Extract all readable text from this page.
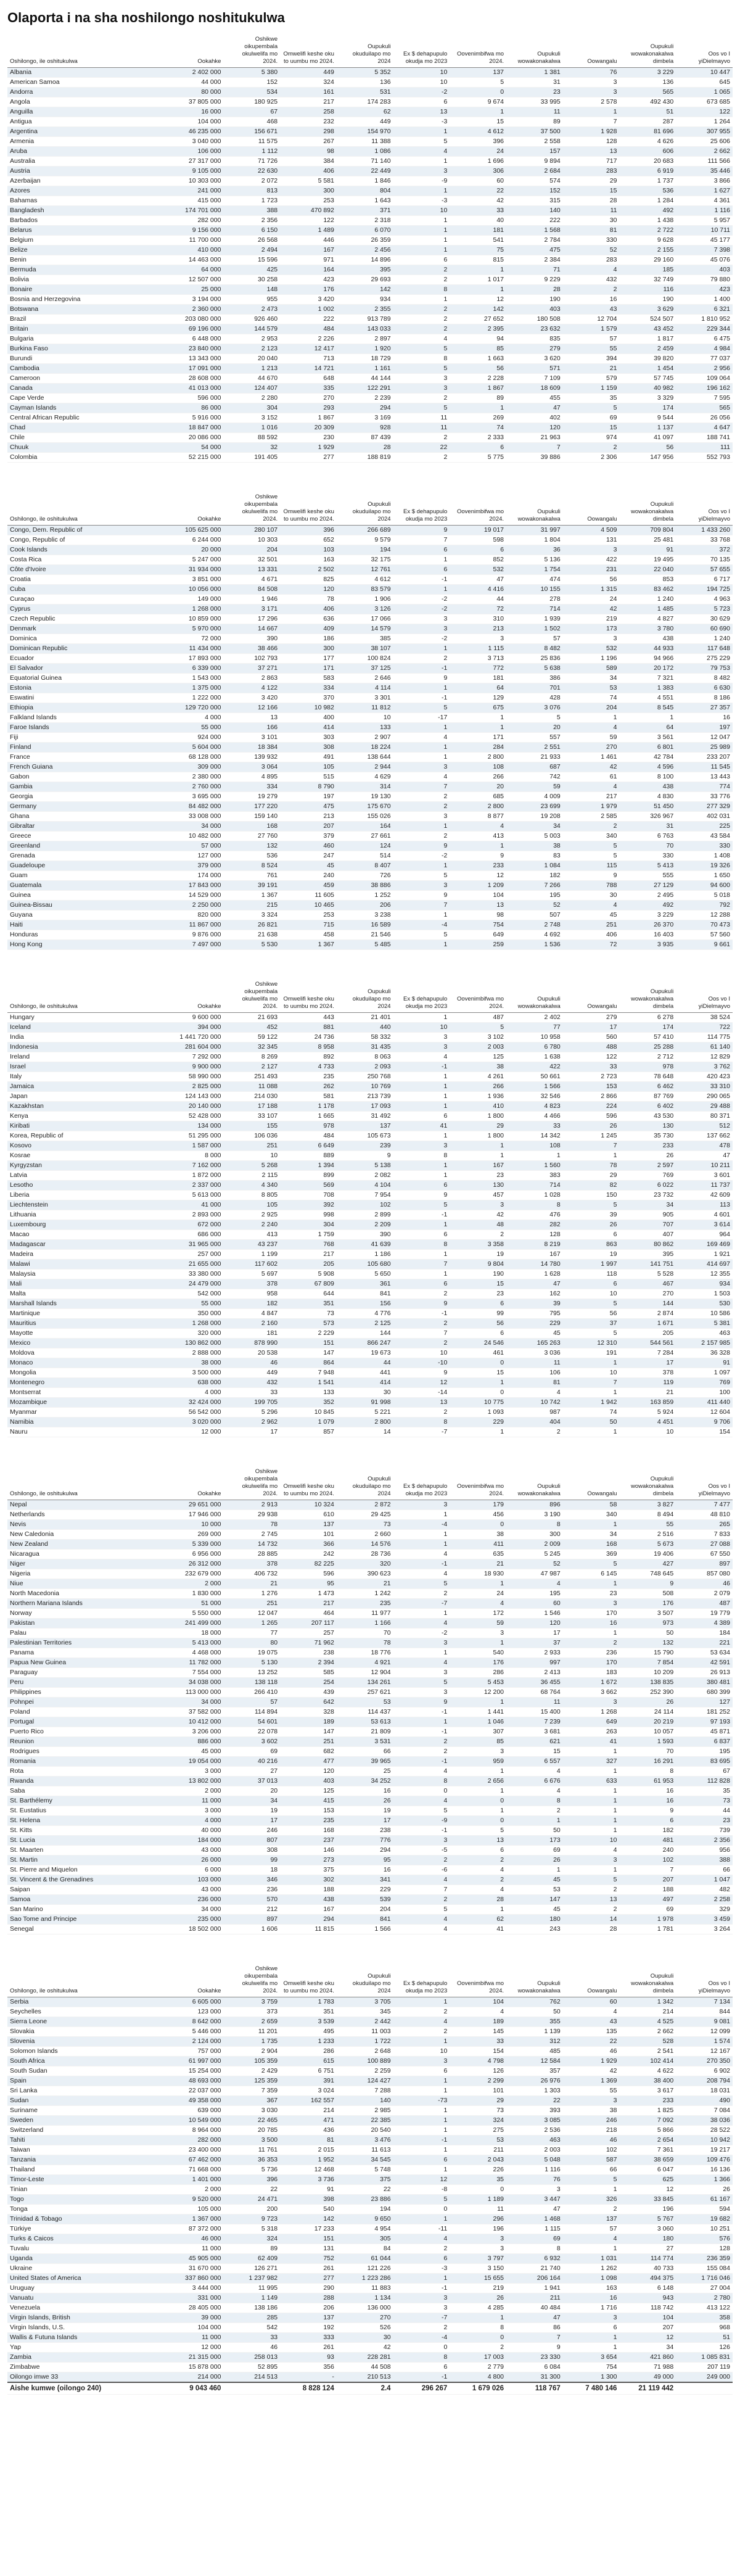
Olaporta i na sha noshilongo noshitukulwa
Oshilongo, ile oshitukulwa	Ookahke	Oshikwe oikupembala okulwelifa mo 2024.	Omwelifi keshe oku to uumbu mo 2024.	Oupukuli okuduilapo mo 2024	Ex $ dehapupulo okudja mo 2023	Oovenimbifwa mo 2024.	Oupukuli wowakonakalwa	Oowangalu	Oupukuli wowakonakalwa dimbela	Oos vo I yiDielmayvo
Albania	2 402 000	5 380	449	5 352	10	137	1 381	76	3 229	10 447
American Samoa	44 000	152	324	136	10	5	31	3	136	645
Andorra	80 000	534	161	531	-2	0	23	3	565	1 065
Angola	37 805 000	180 925	217	174 283	6	9 674	33 995	2 578	492 430	673 685
Anguilla	16 000	67	258	62	13	1	11	1	51	122
Antigua	104 000	468	232	449	-3	15	89	7	287	1 264
Argentina	46 235 000	156 671	298	154 970	1	4 612	37 500	1 928	81 696	307 955
Armenia	3 040 000	11 575	267	11 388	5	396	2 558	128	4 626	25 606
Aruba	106 000	1 112	98	1 086	4	24	157	13	606	2 662
Australia	27 317 000	71 726	384	71 140	1	1 696	9 894	717	20 683	111 566
Austria	9 105 000	22 630	406	22 449	3	306	2 684	283	6 919	35 446
Azerbaijan	10 303 000	2 072	5 581	1 846	-9	60	574	29	1 737	3 866
Azores	241 000	813	300	804	1	22	152	15	536	1 627
Bahamas	415 000	1 723	253	1 643	-3	42	315	28	1 284	4 361
Bangladesh	174 701 000	388	470 892	371	10	33	140	11	492	1 116
Barbados	282 000	2 356	122	2 318	1	40	222	30	1 438	5 957
Belarus	9 156 000	6 150	1 489	6 070	1	181	1 568	81	2 722	10 711
Belgium	11 700 000	26 568	446	26 359	1	541	2 784	330	9 628	45 177
Belize	410 000	2 494	167	2 456	1	75	475	52	2 155	7 398
Benin	14 463 000	15 596	971	14 896	6	815	2 384	283	29 160	45 076
Bermuda	64 000	425	164	395	2	1	71	4	185	403
Bolivia	12 507 000	30 258	423	29 693	2	1 017	9 229	432	32 749	79 880
Bonaire	25 000	148	176	142	8	1	28	2	116	423
Bosnia and Herzegovina	3 194 000	955	3 420	934	1	12	190	16	190	1 400
Botswana	2 360 000	2 473	1 002	2 355	2	142	403	43	3 629	6 321
Brazil	203 080 000	926 460	222	913 789	2	27 652	180 508	12 704	524 507	1 810 952
Britain	69 196 000	144 579	484	143 033	2	2 395	23 632	1 579	43 452	229 344
Bulgaria	6 448 000	2 953	2 226	2 897	4	94	835	57	1 817	6 475
Burkina Faso	23 840 000	2 123	12 417	1 920	5	85	279	55	2 459	4 984
Burundi	13 343 000	20 040	713	18 729	8	1 663	3 620	394	39 820	77 037
Cambodia	17 091 000	1 213	14 721	1 161	5	56	571	21	1 454	2 956
Cameroon	28 608 000	44 670	648	44 144	3	2 228	7 109	579	57 745	109 064
Canada	41 013 000	124 407	335	122 291	3	1 867	18 609	1 159	40 982	196 162
Cape Verde	596 000	2 280	270	2 239	2	89	455	35	3 329	7 595
Cayman Islands	86 000	304	293	294	5	1	47	5	174	565
Central African Republic	5 916 000	3 152	1 867	3 169	11	269	402	69	9 544	26 056
Chad	18 847 000	1 016	20 309	928	11	74	120	15	1 137	4 647
Chile	20 086 000	88 592	230	87 439	2	2 333	21 963	974	41 097	188 741
Chuuk	54 000	32	1 929	28	22	6	7	2	56	111
Colombia	52 215 000	191 405	277	188 819	2	5 775	39 886	2 306	147 956	552 793

Oshilongo, ile oshitukulwa	Ookahke	Oshikwe oikupembala okulwelifa mo 2024.	Omwelifi keshe oku to uumbu mo 2024.	Oupukuli okuduilapo mo 2024	Ex $ dehapupulo okudja mo 2023	Oovenimbifwa mo 2024.	Oupukuli wowakonakalwa	Oowangalu	Oupukuli wowakonakalwa dimbela	Oos vo I yiDielmayvo
Congo, Dem. Republic of	105 625 000	280 107	396	266 689	9	19 017	31 997	4 509	709 804	1 433 260
Congo, Republic of	6 244 000	10 303	652	9 579	7	598	1 804	131	25 481	33 768
Cook Islands	20 000	204	103	194	6	6	36	3	91	372
Costa Rica	5 247 000	32 501	163	32 175	1	852	5 136	422	19 495	70 135
Côte d'Ivoire	31 934 000	13 331	2 502	12 761	6	532	1 754	231	22 040	57 655
Croatia	3 851 000	4 671	825	4 612	-1	47	474	56	853	6 717
Cuba	10 056 000	84 508	120	83 579	1	4 416	10 155	1 315	83 462	194 725
Curaçao	149 000	1 946	78	1 906	-2	44	278	24	1 240	4 963
Cyprus	1 268 000	3 171	406	3 126	-2	72	714	42	1 485	5 723
Czech Republic	10 859 000	17 296	636	17 066	3	310	1 939	219	4 827	30 629
Denmark	5 970 000	14 667	409	14 579	3	213	1 502	173	3 780	60 690
Dominica	72 000	390	186	385	-2	3	57	3	438	1 240
Dominican Republic	11 434 000	38 466	300	38 107	1	1 115	8 482	532	44 933	117 648
Ecuador	17 893 000	102 793	177	100 824	2	3 713	25 836	1 196	94 966	275 229
El Salvador	6 339 000	37 271	171	37 125	-1	772	5 638	589	20 172	79 753
Equatorial Guinea	1 543 000	2 863	583	2 646	9	181	386	34	7 321	8 482
Estonia	1 375 000	4 122	334	4 114	1	64	701	53	1 383	6 630
Eswatini	1 222 000	3 420	370	3 301	-1	129	428	74	4 551	8 186
Ethiopia	129 720 000	12 166	10 982	11 812	5	675	3 076	204	8 545	27 357
Falkland Islands	4 000	13	400	10	-17	1	5	1	1	16
Faroe Islands	55 000	166	414	133	1	1	20	4	64	197
Fiji	924 000	3 101	303	2 907	4	171	557	59	3 561	12 047
Finland	5 604 000	18 384	308	18 224	1	284	2 551	270	6 801	25 989
France	68 128 000	139 932	491	138 644	1	2 800	21 933	1 461	42 784	233 207
French Guiana	309 000	3 064	105	2 944	3	108	687	42	4 596	11 545
Gabon	2 380 000	4 895	515	4 629	4	266	742	61	8 100	13 443
Gambia	2 760 000	334	8 790	314	7	20	59	4	438	774
Georgia	3 695 000	19 279	197	19 130	2	685	4 009	217	4 830	33 776
Germany	84 482 000	177 220	475	175 670	2	2 800	23 699	1 979	51 450	277 329
Ghana	33 008 000	159 140	213	155 026	3	8 877	19 208	2 585	326 967	402 031
Gibraltar	34 000	168	207	164	1	4	34	2	31	225
Greece	10 482 000	27 760	379	27 661	2	413	5 003	340	6 763	43 584
Greenland	57 000	132	460	124	9	1	38	5	70	330
Grenada	127 000	536	247	514	-2	9	83	5	330	1 408
Guadeloupe	379 000	8 524	45	8 407	1	233	1 084	115	5 413	19 326
Guam	174 000	761	240	726	5	12	182	9	555	1 650
Guatemala	17 843 000	39 191	459	38 886	3	1 209	7 266	788	27 129	94 600
Guinea	14 529 000	1 367	11 605	1 252	9	104	195	30	2 495	5 018
Guinea-Bissau	2 250 000	215	10 465	206	7	13	52	4	492	792
Guyana	820 000	3 324	253	3 238	1	98	507	45	3 229	12 288
Haiti	11 867 000	26 821	715	16 589	-4	754	2 748	251	26 370	70 473
Honduras	9 876 000	21 638	458	21 546	5	649	4 692	406	16 403	57 560
Hong Kong	7 497 000	5 530	1 367	5 485	1	259	1 536	72	3 935	9 661

Oshilongo, ile oshitukulwa	Ookahke	Oshikwe oikupembala okulwelifa mo 2024.	Omwelifi keshe oku to uumbu mo 2024.	Oupukuli okuduilapo mo 2024	Ex $ dehapupulo okudja mo 2023	Oovenimbifwa mo 2024.	Oupukuli wowakonakalwa	Oowangalu	Oupukuli wowakonakalwa dimbela	Oos vo I yiDielmayvo
Hungary	9 600 000	21 693	443	21 401	1	487	2 402	279	6 278	38 524
Iceland	394 000	452	881	440	10	5	77	17	174	722
India	1 441 720 000	59 122	24 736	58 332	3	3 102	10 958	560	57 410	114 775
Indonesia	281 604 000	32 345	8 958	31 435	3	2 003	6 780	488	25 288	61 140
Ireland	7 292 000	8 269	892	8 063	4	125	1 638	122	2 712	12 829
Israel	9 900 000	2 127	4 733	2 093	-1	38	422	33	978	3 762
Italy	58 990 000	251 493	235	250 768	1	4 261	50 661	2 723	78 648	420 423
Jamaica	2 825 000	11 088	262	10 769	1	266	1 566	153	6 462	33 310
Japan	124 143 000	214 030	581	213 739	1	1 936	32 546	2 866	87 769	290 065
Kazakhstan	20 140 000	17 188	1 178	17 093	1	410	4 823	224	6 402	29 488
Kenya	52 428 000	33 107	1 665	31 492	6	1 800	4 466	596	43 530	80 371
Kiribati	134 000	155	978	137	41	29	33	26	130	512
Korea, Republic of	51 295 000	106 036	484	105 673	1	1 800	14 342	1 245	35 730	137 662
Kosovo	1 587 000	251	6 649	239	3	1	108	7	233	478
Kosrae	8 000	10	889	9	8	1	1	1	26	47
Kyrgyzstan	7 162 000	5 268	1 394	5 138	1	167	1 560	78	2 597	10 211
Latvia	1 872 000	2 115	899	2 082	1	23	383	29	769	3 601
Lesotho	2 337 000	4 340	569	4 104	6	130	714	82	6 022	11 737
Liberia	5 613 000	8 805	708	7 954	9	457	1 028	150	23 732	42 609
Liechtenstein	41 000	105	392	102	5	3	8	5	34	113
Lithuania	2 893 000	2 925	998	2 899	-1	42	476	39	905	4 601
Luxembourg	672 000	2 240	304	2 209	1	48	282	26	707	3 614
Macao	686 000	413	1 759	390	6	2	128	6	407	964
Madagascar	31 965 000	43 237	768	41 639	8	3 358	8 219	863	80 862	169 469
Madeira	257 000	1 199	217	1 186	1	19	167	19	395	1 921
Malawi	21 655 000	117 602	205	105 680	7	9 804	14 780	1 997	141 751	414 697
Malaysia	33 380 000	5 697	5 908	5 650	1	190	1 628	118	5 528	12 355
Mali	24 479 000	378	67 809	361	6	15	47	6	467	934
Malta	542 000	958	644	841	2	23	162	10	270	1 503
Marshall Islands	55 000	182	351	156	9	6	39	5	144	530
Martinique	350 000	4 847	73	4 776	-1	99	795	56	2 874	10 586
Mauritius	1 268 000	2 160	573	2 125	2	56	229	37	1 671	5 381
Mayotte	320 000	181	2 229	144	7	6	45	5	205	463
Mexico	130 862 000	878 990	151	866 247	2	24 546	165 263	12 310	544 561	2 157 985
Moldova	2 888 000	20 538	147	19 673	10	461	3 036	191	7 284	36 328
Monaco	38 000	46	864	44	-10	0	11	1	17	91
Mongolia	3 500 000	449	7 948	441	9	15	106	10	378	1 097
Montenegro	638 000	432	1 541	414	12	1	81	7	119	769
Montserrat	4 000	33	133	30	-14	0	4	1	21	100
Mozambique	32 424 000	199 705	352	91 998	13	10 775	10 742	1 942	163 859	411 440
Myanmar	56 542 000	5 296	10 845	5 221	2	1 093	987	74	5 924	12 604
Namibia	3 020 000	2 962	1 079	2 800	8	229	404	50	4 451	9 706
Nauru	12 000	17	857	14	-7	1	2	1	10	154

Oshilongo, ile oshitukulwa	Ookahke	Oshikwe oikupembala okulwelifa mo 2024.	Omwelifi keshe oku to uumbu mo 2024.	Oupukuli okuduilapo mo 2024	Ex $ dehapupulo okudja mo 2023	Oovenimbifwa mo 2024.	Oupukuli wowakonakalwa	Oowangalu	Oupukuli wowakonakalwa dimbela	Oos vo I yiDielmayvo
Nepal	29 651 000	2 913	10 324	2 872	3	179	896	58	3 827	7 477
Netherlands	17 946 000	29 938	610	29 425	1	456	3 190	340	8 494	48 810
Nevis	10 000	78	137	73	-4	0	8	1	55	265
New Caledonia	269 000	2 745	101	2 660	1	38	300	34	2 516	7 833
New Zealand	5 339 000	14 732	366	14 576	1	411	2 009	168	5 673	27 088
Nicaragua	6 956 000	28 885	242	28 736	4	635	5 245	369	19 406	67 550
Niger	26 312 000	378	82 225	320	-1	21	52	5	427	897
Nigeria	232 679 000	406 732	596	390 623	4	18 930	47 987	6 145	748 645	857 080
Niue	2 000	21	95	21	5	1	4	1	9	46
North Macedonia	1 830 000	1 276	1 473	1 242	2	24	195	23	508	2 079
Northern Mariana Islands	51 000	251	217	235	-7	4	60	3	176	487
Norway	5 550 000	12 047	464	11 977	1	172	1 546	170	3 507	19 779
Pakistan	241 499 000	1 265	207 117	1 166	4	59	120	16	973	4 389
Palau	18 000	77	257	70	-2	3	17	1	50	184
Palestinian Territories	5 413 000	80	71 962	78	3	1	37	2	132	221
Panama	4 468 000	19 075	238	18 776	1	540	2 933	236	15 790	53 634
Papua New Guinea	11 782 000	5 130	2 394	4 921	4	176	997	170	7 854	42 591
Paraguay	7 554 000	13 252	585	12 904	3	286	2 413	183	10 209	26 913
Peru	34 038 000	138 118	254	134 261	5	5 453	36 455	1 672	138 835	380 481
Philippines	113 000 000	266 410	439	257 621	3	12 200	68 764	3 662	252 390	680 399
Pohnpei	34 000	57	642	53	9	1	11	3	26	127
Poland	37 582 000	114 894	328	114 437	-1	1 441	15 400	1 268	24 114	181 252
Portugal	10 412 000	54 601	189	53 613	1	1 046	7 239	649	20 219	97 193
Puerto Rico	3 206 000	22 078	147	21 809	-1	307	3 681	263	10 057	45 871
Reunion	886 000	3 602	251	3 531	2	85	621	41	1 593	6 837
Rodrigues	45 000	69	682	66	2	3	15	1	70	195
Romania	19 054 000	40 216	477	39 965	-1	959	6 557	327	16 291	83 695
Rota	3 000	27	120	25	4	1	4	1	8	67
Rwanda	13 802 000	37 013	403	34 252	8	2 656	6 676	633	61 953	112 828
Saba	2 000	20	125	16	0	1	4	1	16	35
St. Barthélemy	11 000	34	415	26	4	0	8	1	16	73
St. Eustatius	3 000	19	153	19	5	1	2	1	9	44
St. Helena	4 000	17	235	17	-9	0	1	1	6	23
St. Kitts	40 000	246	168	238	-1	5	50	1	182	739
St. Lucia	184 000	807	237	776	3	13	173	10	481	2 356
St. Maarten	43 000	308	146	294	-5	6	69	4	240	956
St. Martin	26 000	99	273	95	2	2	26	3	102	388
St. Pierre and Miquelon	6 000	18	375	16	-6	4	1	1	7	66
St. Vincent & the Grenadines	103 000	346	302	341	4	2	45	5	207	1 047
Saipan	43 000	236	188	229	7	4	53	2	188	482
Samoa	236 000	570	438	539	2	28	147	13	497	2 258
San Marino	34 000	212	167	204	5	1	45	2	69	329
Sao Tome and Principe	235 000	897	294	841	4	62	180	14	1 978	3 459
Senegal	18 502 000	1 606	11 815	1 566	4	41	243	28	1 781	3 264

Oshilongo, ile oshitukulwa	Ookahke	Oshikwe oikupembala okulwelifa mo 2024.	Omwelifi keshe oku to uumbu mo 2024.	Oupukuli okuduilapo mo 2024	Ex $ dehapupulo okudja mo 2023	Oovenimbifwa mo 2024.	Oupukuli wowakonakalwa	Oowangalu	Oupukuli wowakonakalwa dimbela	Oos vo I yiDielmayvo
Serbia	6 605 000	3 759	1 783	3 705	1	104	762	60	1 342	7 134
Seychelles	123 000	373	351	345	2	4	50	4	214	844
Sierra Leone	8 642 000	2 659	3 539	2 442	4	189	355	43	4 525	9 081
Slovakia	5 446 000	11 201	495	11 003	2	145	1 139	135	2 662	12 099
Slovenia	2 124 000	1 735	1 233	1 722	1	33	312	22	528	1 574
Solomon Islands	757 000	2 904	286	2 648	10	154	485	46	2 541	12 167
South Africa	61 997 000	105 359	615	100 889	3	4 798	12 584	1 929	102 414	270 350
South Sudan	15 254 000	2 429	6 751	2 259	6	126	357	42	4 622	6 902
Spain	48 693 000	125 359	391	124 427	1	2 299	26 976	1 369	38 400	208 794
Sri Lanka	22 037 000	7 359	3 024	7 288	1	101	1 303	55	3 617	18 031
Sudan	49 358 000	367	162 557	140	-73	29	22	3	233	490
Suriname	639 000	3 030	214	2 985	1	73	393	38	1 825	7 084
Sweden	10 549 000	22 465	471	22 385	1	324	3 085	246	7 092	38 036
Switzerland	8 964 000	20 785	436	20 540	1	275	2 536	218	5 866	28 522
Tahiti	282 000	3 500	81	3 476	-1	53	463	46	2 654	10 942
Taiwan	23 400 000	11 761	2 015	11 613	1	211	2 003	102	7 361	19 217
Tanzania	67 462 000	36 353	1 952	34 545	6	2 043	5 048	587	38 659	109 476
Thailand	71 668 000	5 736	12 468	5 748	1	226	1 116	66	6 047	16 136
Timor-Leste	1 401 000	396	3 736	375	12	35	76	5	625	1 366
Tinian	2 000	22	91	22	-8	0	3	1	12	26
Togo	9 520 000	24 471	398	23 886	5	1 189	3 447	326	33 845	61 167
Tonga	105 000	200	540	194	0	11	47	2	196	594
Trinidad & Tobago	1 367 000	9 723	142	9 650	1	296	1 468	137	5 767	19 682
Türkiye	87 372 000	5 318	17 233	4 954	-11	196	1 115	57	3 060	10 251
Turks & Caicos	46 000	324	151	305	4	3	69	4	180	576
Tuvalu	11 000	89	131	84	2	3	8	1	27	128
Uganda	45 905 000	62 409	752	61 044	6	3 797	6 932	1 031	114 774	236 359
Ukraine	31 670 000	126 271	261	121 226	-3	3 150	21 740	1 262	40 733	155 084
United States of America	337 860 000	1 237 982	277	1 223 286	1	15 655	206 164	1 098	494 375	1 716 046
Uruguay	3 444 000	11 995	290	11 883	-1	219	1 941	163	6 148	27 004
Vanuatu	331 000	1 149	288	1 134	3	26	211	16	943	2 780
Venezuela	28 405 000	138 186	206	136 000	3	4 285	40 484	1 716	118 742	413 122
Virgin Islands, British	39 000	285	137	270	-7	1	47	3	104	358
Virgin Islands, U.S.	104 000	542	192	526	2	8	86	6	207	968
Wallis & Futuna Islands	11 000	33	333	30	-4	0	7	1	12	51
Yap	12 000	46	261	42	0	2	9	1	34	126
Zambia	21 315 000	258 013	93	228 281	8	17 003	23 330	3 654	421 860	1 085 831
Zimbabwe	15 878 000	52 895	356	44 508	6	2 779	6 084	754	71 988	207 119
Oilongo imwe 33	214 000	214 513	-	210 513	-1	4 800	31 300	1 300	49 000	249 000
Aishe kumwe (oilongo 240)	9 043 460		8 828 124	2.4	296 267	1 679 026	118 767	7 480 146	21 119 442	
